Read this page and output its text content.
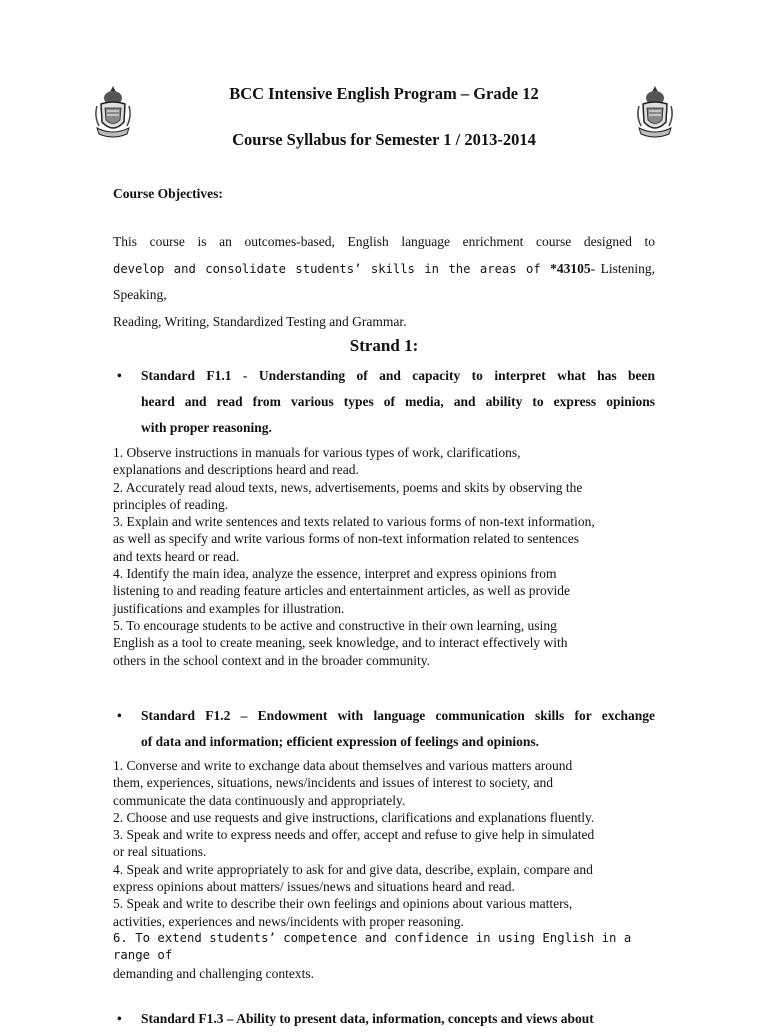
BCC Intensive English Program – Grade 12
Course Syllabus for Semester 1 / 2013-2014
Course Objectives:

This course is an outcomes-based, English language enrichment course designed to
develop and consolidate students’ skills in the areas of *43105- Listening, Speaking,
Reading, Writing, Standardized Testing and Grammar.

Strand 1:
• Standard F1.1 - Understanding of and capacity to interpret what has been
heard and read from various types of media, and ability to express opinions
with proper reasoning.
1. Observe instructions in manuals for various types of work, clarifications,
explanations and descriptions heard and read.
2. Accurately read aloud texts, news, advertisements, poems and skits by observing the
principles of reading.
3. Explain and write sentences and texts related to various forms of non-text information,
as well as specify and write various forms of non-text information related to sentences
and texts heard or read.
4. Identify the main idea, analyze the essence, interpret and express opinions from
listening to and reading feature articles and entertainment articles, as well as provide
justifications and examples for illustration.
5. To encourage students to be active and constructive in their own learning, using
English as a tool to create meaning, seek knowledge, and to interact effectively with
others in the school context and in the broader community.
• Standard F1.2 – Endowment with language communication skills for exchange
of data and information; efficient expression of feelings and opinions.
1. Converse and write to exchange data about themselves and various matters around
them, experiences, situations, news/incidents and issues of interest to society, and
communicate the data continuously and appropriately.
2. Choose and use requests and give instructions, clarifications and explanations fluently.
3. Speak and write to express needs and offer, accept and refuse to give help in simulated
or real situations.
4. Speak and write appropriately to ask for and give data, describe, explain, compare and
express opinions about matters/ issues/news and situations heard and read.
5. Speak and write to describe their own feelings and opinions about various matters,
activities, experiences and news/incidents with proper reasoning.
6. To extend students’ competence and confidence in using English in a range of
demanding and challenging contexts.
• Standard F1.3 – Ability to present data, information, concepts and views about
